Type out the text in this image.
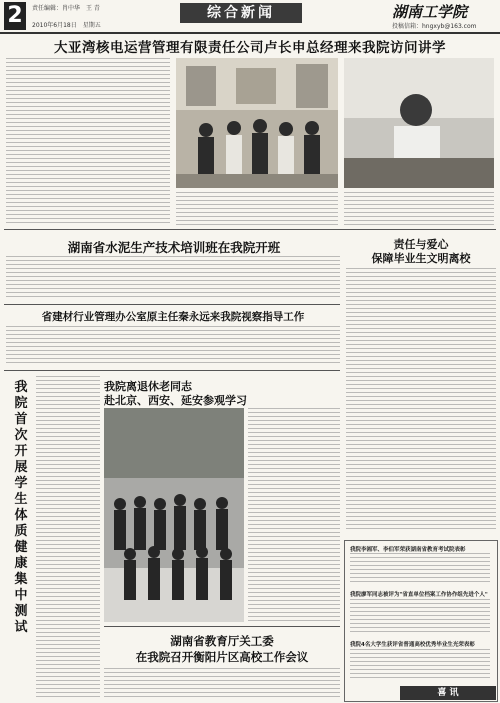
2	责任编辑：肖中华　王 青
2010年6月18日　星期五
综合新闻	湖南工学院
投稿信箱：hngxyb@163.com
大亚湾核电运营管理有限责任公司卢长申总经理来我院访问讲学
湖南省水泥生产技术培训班在我院开班	责任与爱心
保障毕业生文明离校
省建材行业管理办公室原主任秦永远来我院视察指导工作
我院首次开展学生体质健康集中测试
我院离退休老同志
赴北京、西安、延安参观学习
湖南省教育厅关工委
在我院召开衡阳片区高校工作会议
我院李湘军、李伯军荣获湖南省教育考试院表彰
我院廖军同志被评为"省直单位档案工作协作组先进个人"
我院4名大学生获评省普通高校优秀毕业生光荣表彰
喜 讯
